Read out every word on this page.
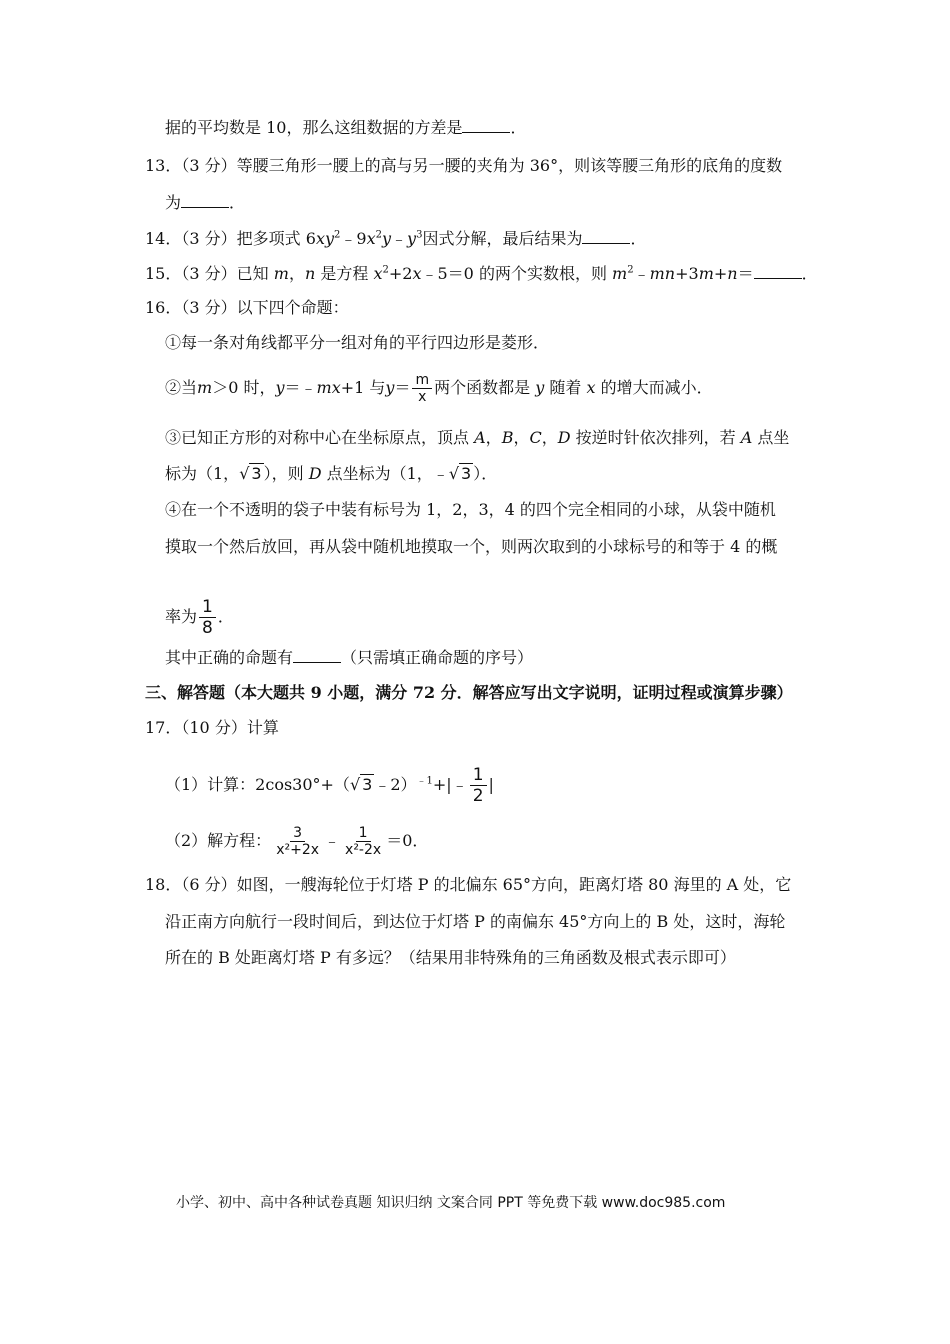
据的平均数是 10，那么这组数据的方差是	．
13．（3 分）等腰三角形一腰上的高与另一腰的夹角为 36°，则该等腰三角形的底角的度数
为	．
14．（3 分）把多项式 $6xy^2﹣9x^2y﹣y^3$因式分解，最后结果为	．
15．（3 分）已知 m，n 是方程 $x^2+2x﹣5=0$ 的两个实数根，则 $m^2﹣mn+3m+n=$	．
16．（3 分）以下四个命题：
①每一条对角线都平分一组对角的平行四边形是菱形．
②当m＞0 时，y＝﹣mx+1 与$y= \frac{m}{x}$ 两个函数都是 y 随着 x 的增大而减小．
③已知正方形的对称中心在坐标原点，顶点 A，B，C，D 按逆时针依次排列，若 A 点坐
标为（1，√ 3 ），则 D 点坐标为（1，﹣√ 3 ）．
④在一个不透明的袋子中装有标号为 1，2，3，4 的四个完全相同的小球，从袋中随机
摸取一个然后放回，再从袋中随机地摸取一个，则两次取到的小球标号的和等于 4 的概
率为 $\frac{1}{8}$ ．
其中正确的命题有	（只需填正确命题的序号）
三、解答题（本大题共 9 小题，满分 72 分．解答应写出文字说明，证明过程或演算步骤）
17．（10 分）计算
（1）计算：2cos30°+（√ 3 ﹣2）$^{﹣1}$+|﹣ $\frac{1}{2}$ |
（2）解方程： $\frac{3}{\text{x²+2x}}$ ﹣ $\frac{1}{\text{x²-2x}} =0$．
18．（6 分）如图，一艘海轮位于灯塔 P 的北偏东 65°方向，距离灯塔 80 海里的 A 处，它
沿正南方向航行一段时间后，到达位于灯塔 P 的南偏东 45°方向上的 B 处，这时，海轮
所在的 B 处距离灯塔 P 有多远？（结果用非特殊角的三角函数及根式表示即可）
小学、初中、高中各种试卷真题 知识归纳 文案合同 PPT 等免费下载 www.doc985.com
